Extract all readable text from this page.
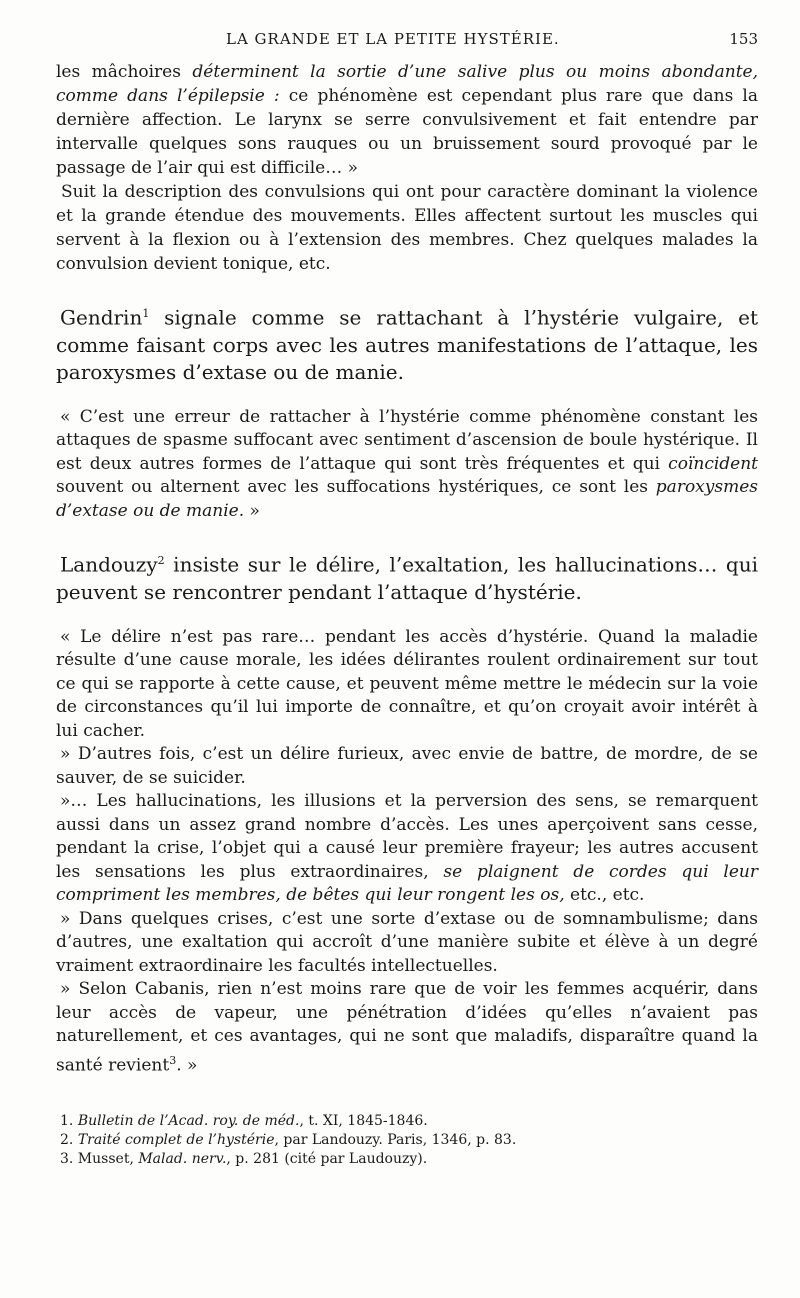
LA GRANDE ET LA PETITE HYSTÉRIE.	153

les mâchoires déterminent la sortie d’une salive plus ou moins abondante, comme dans l’épilepsie : ce phénomène est cependant plus rare que dans la dernière affection. Le larynx se serre convulsivement et fait entendre par intervalle quelques sons rauques ou un bruissement sourd provoqué par le passage de l’air qui est difficile… »

Suit la description des convulsions qui ont pour caractère dominant la violence et la grande étendue des mouvements. Elles affectent surtout les muscles qui servent à la flexion ou à l’extension des membres. Chez quelques malades la convulsion devient tonique, etc.

Gendrin$^1$ signale comme se rattachant à l’hystérie vulgaire, et comme faisant corps avec les autres manifestations de l’attaque, les paroxysmes d’extase ou de manie.

« C’est une erreur de rattacher à l’hystérie comme phénomène constant les attaques de spasme suffocant avec sentiment d’ascension de boule hystérique. Il est deux autres formes de l’attaque qui sont très fréquentes et qui coïncident souvent ou alternent avec les suffocations hystériques, ce sont les paroxysmes d’extase ou de manie. »

Landouzy$^2$ insiste sur le délire, l’exaltation, les hallucinations… qui peuvent se rencontrer pendant l’attaque d’hystérie.

« Le délire n’est pas rare… pendant les accès d’hystérie. Quand la maladie résulte d’une cause morale, les idées délirantes roulent ordinairement sur tout ce qui se rapporte à cette cause, et peuvent même mettre le médecin sur la voie de circonstances qu’il lui importe de connaître, et qu’on croyait avoir intérêt à lui cacher.

» D’autres fois, c’est un délire furieux, avec envie de battre, de mordre, de se sauver, de se suicider.

»… Les hallucinations, les illusions et la perversion des sens, se remarquent aussi dans un assez grand nombre d’accès. Les unes aperçoivent sans cesse, pendant la crise, l’objet qui a causé leur première frayeur; les autres accusent les sensations les plus extraordinaires, se plaignent de cordes qui leur compriment les membres, de bêtes qui leur rongent les os, etc., etc.

» Dans quelques crises, c’est une sorte d’extase ou de somnambulisme; dans d’autres, une exaltation qui accroît d’une manière subite et élève à un degré vraiment extraordinaire les facultés intellectuelles.

» Selon Cabanis, rien n’est moins rare que de voir les femmes acquérir, dans leur accès de vapeur, une pénétration d’idées qu’elles n’avaient pas naturellement, et ces avantages, qui ne sont que maladifs, disparaître quand la santé revient$^3$. »

1. Bulletin de l’Acad. roy. de méd., t. XI, 1845-1846.

2. Traité complet de l’hystérie, par Landouzy. Paris, 1346, p. 83.

3. Musset, Malad. nerv., p. 281 (cité par Laudouzy).
